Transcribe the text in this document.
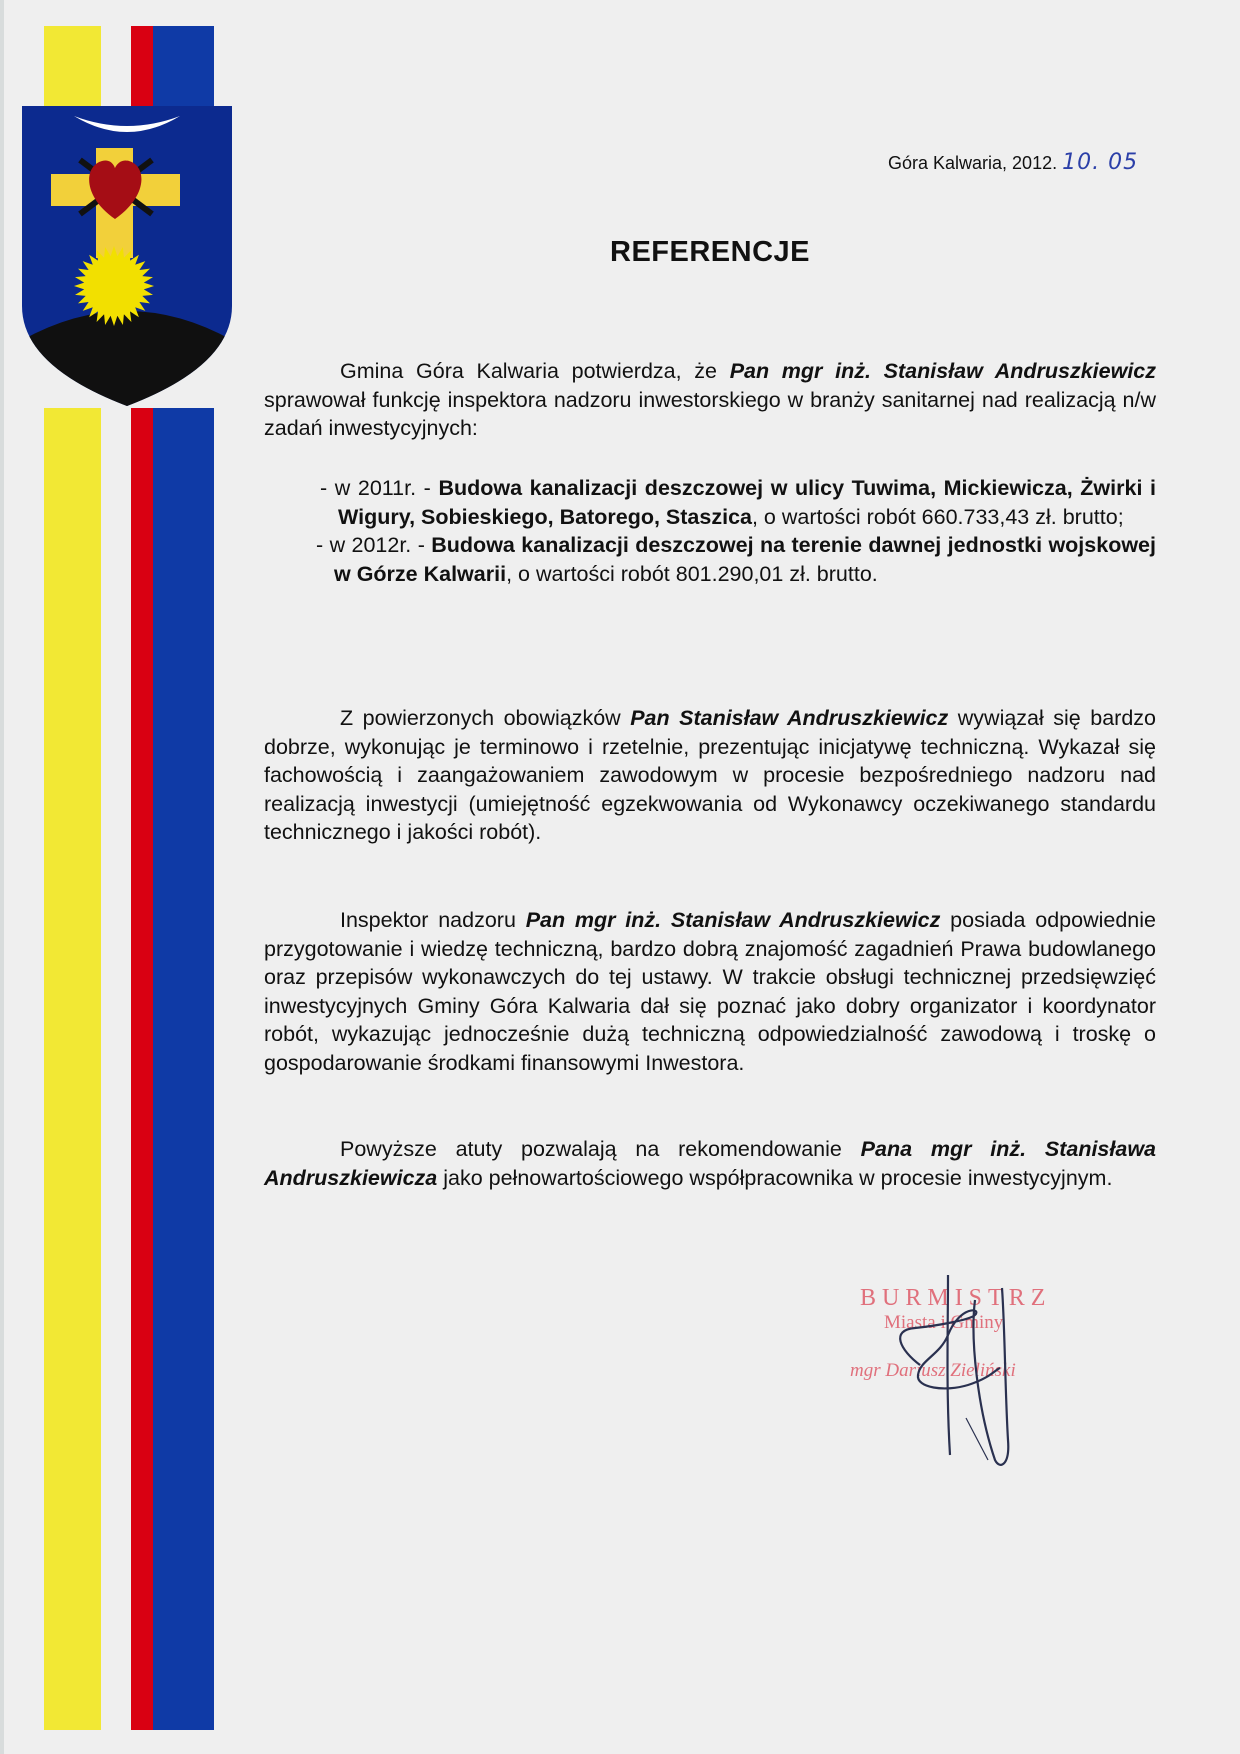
Góra Kalwaria, 2012. 10. 05
REFERENCJE

Gmina Góra Kalwaria potwierdza, że Pan mgr inż. Stanisław Andruszkiewicz sprawował funkcję inspektora nadzoru inwestorskiego w branży sanitarnej nad realizacją n/w zadań inwestycyjnych:

- w 2011r. - Budowa kanalizacji deszczowej w ulicy Tuwima, Mickiewicza, Żwirki i Wigury, Sobieskiego, Batorego, Staszica, o wartości robót 660.733,43 zł. brutto;

- w 2012r. - Budowa kanalizacji deszczowej na terenie dawnej jednostki wojskowej w Górze Kalwarii, o wartości robót 801.290,01 zł. brutto.

Z powierzonych obowiązków Pan Stanisław Andruszkiewicz wywiązał się bardzo dobrze, wykonując je terminowo i rzetelnie, prezentując inicjatywę techniczną. Wykazał się fachowością i zaangażowaniem zawodowym w procesie bezpośredniego nadzoru nad realizacją inwestycji (umiejętność egzekwowania od Wykonawcy oczekiwanego standardu technicznego i jakości robót).

Inspektor nadzoru Pan mgr inż. Stanisław Andruszkiewicz posiada odpowiednie przygotowanie i wiedzę techniczną, bardzo dobrą znajomość zagadnień Prawa budowlanego oraz przepisów wykonawczych do tej ustawy. W trakcie obsługi technicznej przedsięwzięć inwestycyjnych Gminy Góra Kalwaria dał się poznać jako dobry organizator i koordynator robót, wykazując jednocześnie dużą techniczną odpowiedzialność zawodową i troskę o gospodarowanie środkami finansowymi Inwestora.

Powyższe atuty pozwalają na rekomendowanie Pana mgr inż. Stanisława Andruszkiewicza jako pełnowartościowego współpracownika w procesie inwestycyjnym.

BURMISTRZ
Miasta i Gminy
mgr Dariusz Zieliński
